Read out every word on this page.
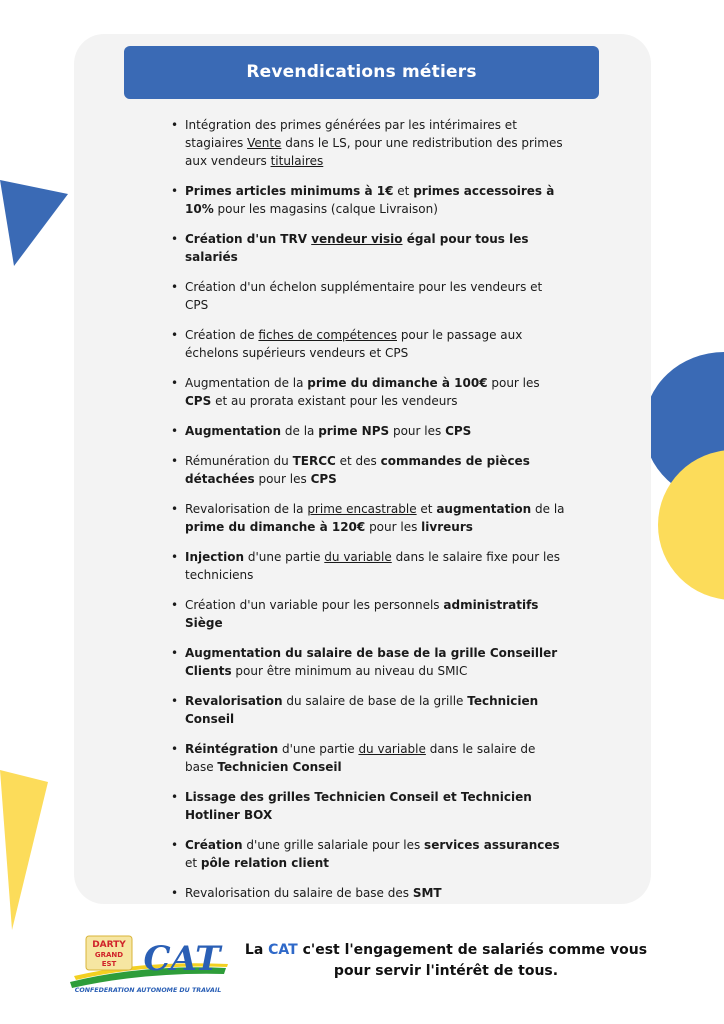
Revendications métiers
• Intégration des primes générées par les intérimaires et stagiaires Vente dans le LS, pour une redistribution des primes aux vendeurs titulaires
• Primes articles minimums à 1€ et primes accessoires à 10% pour les magasins (calque Livraison)
• Création d'un TRV vendeur visio égal pour tous les salariés
• Création d'un échelon supplémentaire pour les vendeurs et CPS
• Création de fiches de compétences pour le passage aux échelons supérieurs vendeurs et CPS
• Augmentation de la prime du dimanche à 100€ pour les CPS et au prorata existant pour les vendeurs
• Augmentation de la prime NPS pour les CPS
• Rémunération du TERCC et des commandes de pièces détachées pour les CPS
• Revalorisation de la prime encastrable et augmentation de la prime du dimanche à 120€ pour les livreurs
• Injection d'une partie du variable dans le salaire fixe pour les techniciens
• Création d'un variable pour les personnels administratifs Siège
• Augmentation du salaire de base de la grille Conseiller Clients pour être minimum au niveau du SMIC
• Revalorisation du salaire de base de la grille Technicien Conseil
• Réintégration d'une partie du variable dans le salaire de base Technicien Conseil
• Lissage des grilles Technicien Conseil et Technicien Hotliner BOX
• Création d'une grille salariale pour les services assurances et pôle relation client
• Revalorisation du salaire de base des SMT
DARTY
GRAND
EST CAT
CONFEDERATION AUTONOME DU TRAVAIL
La CAT c'est l'engagement de salariés comme vous
pour servir l'intérêt de tous.
